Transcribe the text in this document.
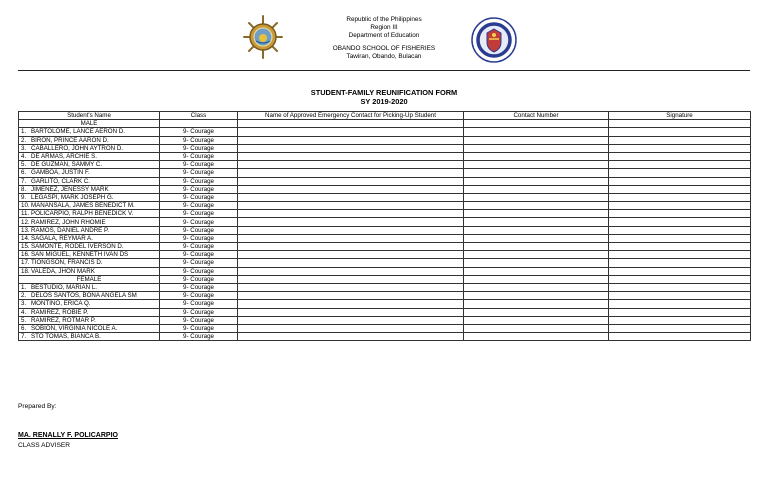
Republic of the Philippines
Region III
Department of Education
OBANDO SCHOOL OF FISHERIES
Tawiran, Obando, Bulacan
STUDENT-FAMILY REUNIFICATION FORM
SY 2019-2020
Student's Name	Class	Name of Approved Emergency Contact for Picking-Up Student	Contact Number	Signature
MALE				
1. BARTOLOME, LANCE AERON D.	9- Courage			
2. BIRON, PRINCE AARON D.	9- Courage			
3. CABALLERO, JOHN AYTRON D.	9- Courage			
4. DE ARMAS, ARCHIE S.	9- Courage			
5. DE GUZMAN, SAMMY C.	9- Courage			
6. GAMBOA, JUSTIN F.	9- Courage			
7. GARLITO, CLARK C.	9- Courage			
8. JIMENEZ, JENESSY MARK	9- Courage			
9. LEGASPI, MARK JOSEPH G.	9- Courage			
10.MANANSALA, JAMES BENEDICT M.	9- Courage			
11. POLICARPIO, RALPH BENEDICK V.	9- Courage			
12.RAMIREZ, JOHN RHOMIE	9- Courage			
13.RAMOS, DANIEL ANDRE P.	9- Courage			
14.SAGALA, REYMAR A.	9- Courage			
15.SAMONTE, RODEL IVERSON D.	9- Courage			
16.SAN MIGUEL, KENNETH IVAN DS	9- Courage			
17.TIONGSON, FRANCIS D.	9- Courage			
18.VALEDA, JHON MARK	9- Courage			
FEMALE	9- Courage			
1. BESTUDIO, MARIAN L.	9- Courage			
2. DELOS SANTOS, BONA ANGELA SM	9- Courage			
3. MONTINO, ERICA Q.	9- Courage			
4. RAMIREZ, ROBIE P.	9- Courage			
5. RAMIREZ, ROTMAR P.	9- Courage			
6. SOBION, VIRGINIA NICOLE A.	9- Courage			
7. STO TOMAS, BIANCA B.	9- Courage			
Prepared By:
MA. RENALLY F. POLICARPIO
CLASS ADVISER
